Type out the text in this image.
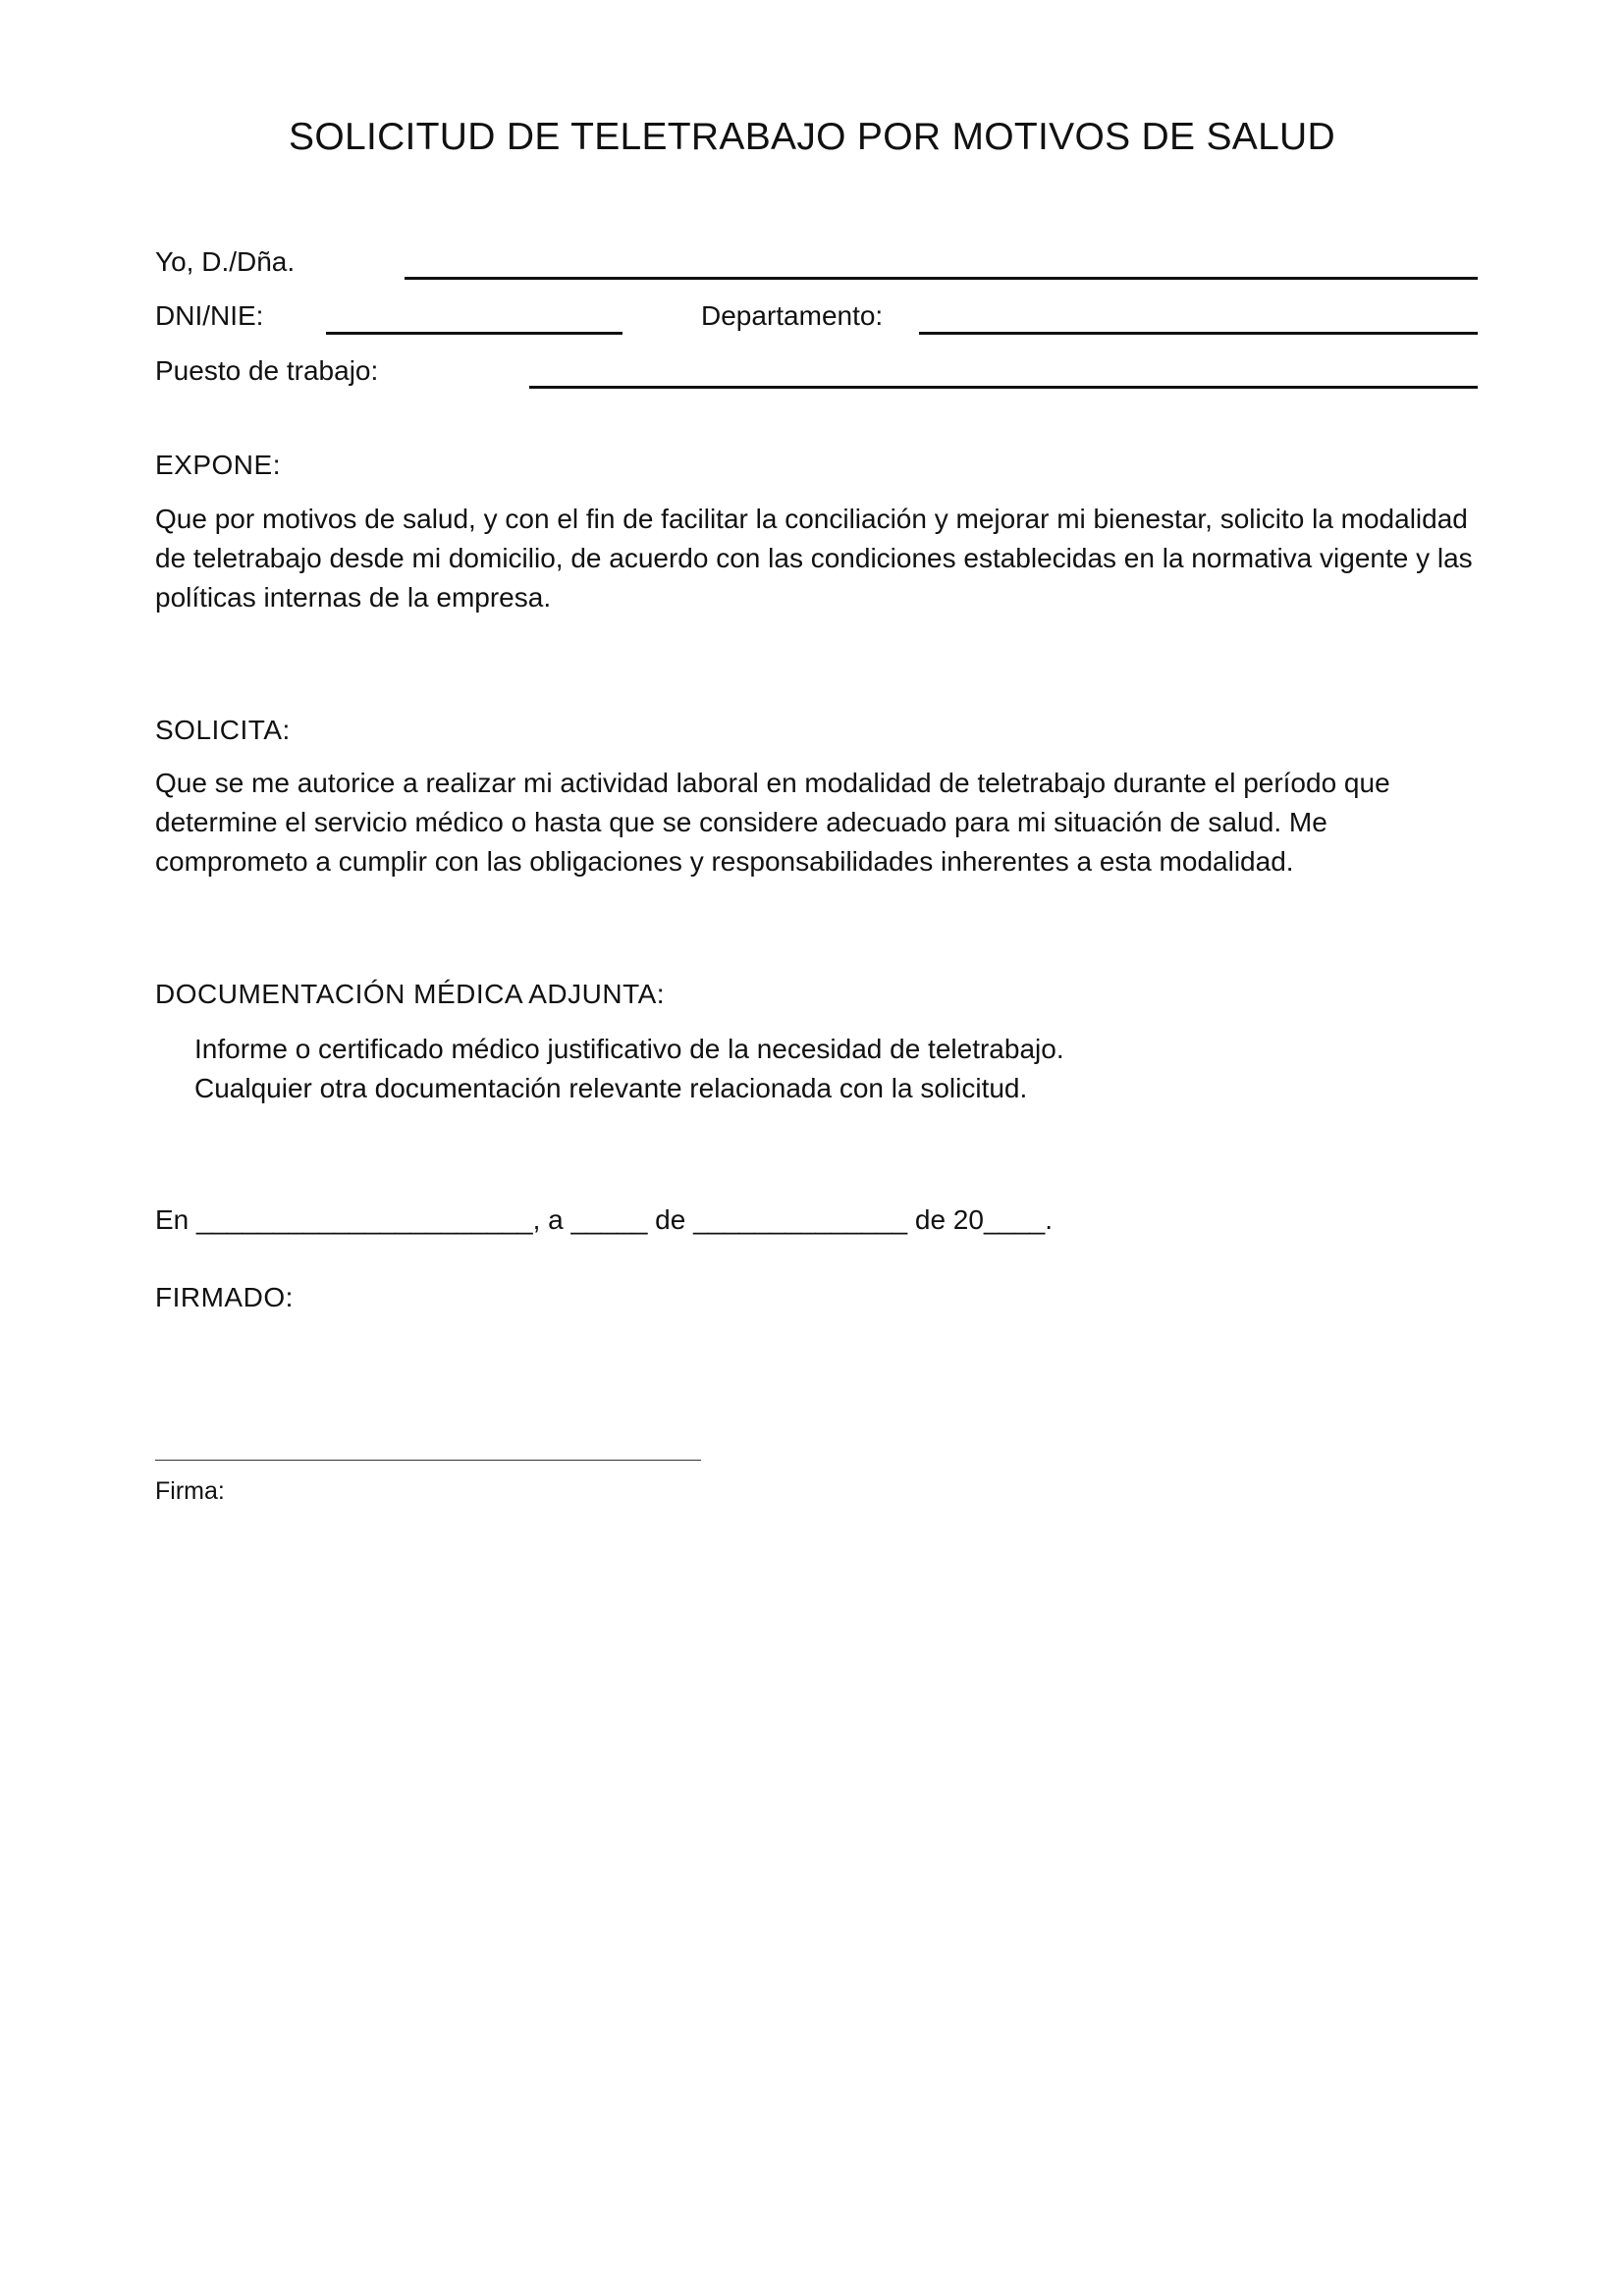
SOLICITUD DE TELETRABAJO POR MOTIVOS DE SALUD
Yo, D./Dña.
DNI/NIE:	Departamento:
Puesto de trabajo:
EXPONE:
Que por motivos de salud, y con el fin de facilitar la conciliación y mejorar mi bienestar, solicito la modalidad
de teletrabajo desde mi domicilio, de acuerdo con las condiciones establecidas en la normativa vigente y las
políticas internas de la empresa.
SOLICITA:
Que se me autorice a realizar mi actividad laboral en modalidad de teletrabajo durante el período que
determine el servicio médico o hasta que se considere adecuado para mi situación de salud. Me
comprometo a cumplir con las obligaciones y responsabilidades inherentes a esta modalidad.
DOCUMENTACIÓN MÉDICA ADJUNTA:
Informe o certificado médico justificativo de la necesidad de teletrabajo.
Cualquier otra documentación relevante relacionada con la solicitud.
En ______________________, a _____ de ______________ de 20____.
FIRMADO:
Firma:
